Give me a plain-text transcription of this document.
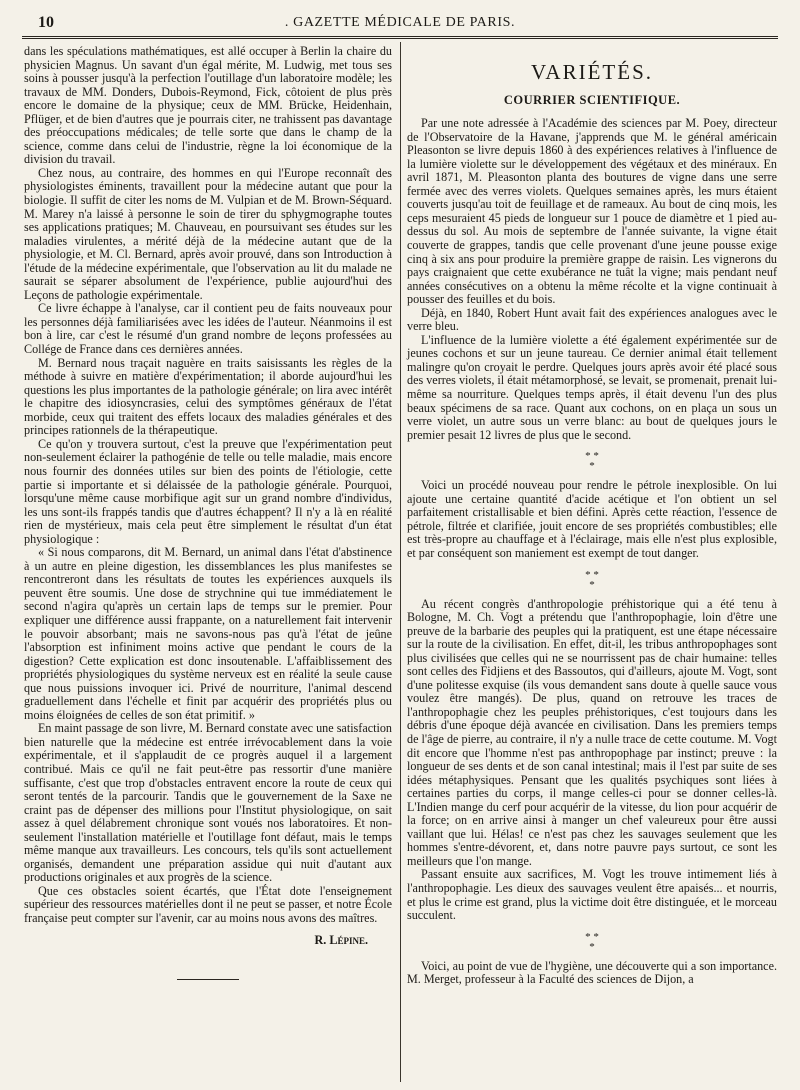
10	. GAZETTE MÉDICALE DE PARIS.

dans les spéculations mathématiques, est allé occuper à Berlin la chaire du physicien Magnus. Un savant d'un égal mérite, M. Ludwig, met tous ses soins à pousser jusqu'à la perfection l'outillage d'un laboratoire modèle; les travaux de MM. Donders, Dubois-Reymond, Fick, côtoient de plus près encore le domaine de la physique; ceux de MM. Brücke, Heidenhain, Pflüger, et de bien d'autres que je pourrais citer, ne trahissent pas davantage des préoccupations médicales; de telle sorte que dans le champ de la science, comme dans celui de l'industrie, règne la loi économique de la division du travail.

Chez nous, au contraire, des hommes en qui l'Europe reconnaît des physiologistes éminents, travaillent pour la médecine autant que pour la biologie. Il suffit de citer les noms de M. Vulpian et de M. Brown-Séquard. M. Marey n'a laissé à personne le soin de tirer du sphygmographe toutes ses applications pratiques; M. Chauveau, en poursuivant ses études sur les maladies virulentes, a mérité déjà de la médecine autant que de la physiologie, et M. Cl. Bernard, après avoir prouvé, dans son Introduction à l'étude de la médecine expérimentale, que l'observation au lit du malade ne saurait se séparer absolument de l'expérience, publie aujourd'hui des Leçons de pathologie expérimentale.

Ce livre échappe à l'analyse, car il contient peu de faits nouveaux pour les personnes déjà familiarisées avec les idées de l'auteur. Néanmoins il est bon à lire, car c'est le résumé d'un grand nombre de leçons professées au Collége de France dans ces dernières années.

M. Bernard nous traçait naguère en traits saisissants les règles de la méthode à suivre en matière d'expérimentation; il aborde aujourd'hui les questions les plus importantes de la pathologie générale; on lira avec intérêt le chapitre des idiosyncrasies, celui des symptômes généraux de l'état morbide, ceux qui traitent des effets locaux des maladies générales et des principes rationnels de la thérapeutique.

Ce qu'on y trouvera surtout, c'est la preuve que l'expérimentation peut non-seulement éclairer la pathogénie de telle ou telle maladie, mais encore nous fournir des données utiles sur bien des points de l'étiologie, cette partie si importante et si délaissée de la pathologie générale. Pourquoi, lorsqu'une même cause morbifique agit sur un grand nombre d'individus, les uns sont-ils frappés tandis que d'autres échappent? Il n'y a là en réalité rien de mystérieux, mais cela peut être simplement le résultat d'un état physiologique :

« Si nous comparons, dit M. Bernard, un animal dans l'état d'abstinence à un autre en pleine digestion, les dissemblances les plus manifestes se rencontreront dans les résultats de toutes les expériences auxquels ils peuvent être soumis. Une dose de strychnine qui tue immédiatement le second n'agira qu'après un certain laps de temps sur le premier. Pour expliquer une différence aussi frappante, on a naturellement fait intervenir le pouvoir absorbant; mais ne savons-nous pas qu'à l'état de jeûne l'absorption est infiniment moins active que pendant le cours de la digestion? Cette explication est donc insoutenable. L'affaiblissement des propriétés physiologiques du système nerveux est en réalité la seule cause que nous puissions invoquer ici. Privé de nourriture, l'animal descend graduellement dans l'échelle et finit par acquérir des propriétés plus ou moins éloignées de celles de son état primitif. »

En maint passage de son livre, M. Bernard constate avec une satisfaction bien naturelle que la médecine est entrée irrévocablement dans la voie expérimentale, et il s'applaudit de ce progrès auquel il a largement contribué. Mais ce qu'il ne fait peut-être pas ressortir d'une manière suffisante, c'est que trop d'obstacles entravent encore la route de ceux qui seront tentés de la parcourir. Tandis que le gouvernement de la Saxe ne craint pas de dépenser des millions pour l'Institut physiologique, on sait assez à quel délabrement chronique sont voués nos laboratoires. Et non-seulement l'installation matérielle et l'outillage font défaut, mais le temps même manque aux travailleurs. Les concours, tels qu'ils sont actuellement organisés, demandent une préparation assidue qui nuit d'autant aux productions originales et aux progrès de la science.

Que ces obstacles soient écartés, que l'État dote l'enseignement supérieur des ressources matérielles dont il ne peut se passer, et notre École française peut compter sur l'avenir, car au moins nous avons des maîtres.

R. Lépine.
VARIÉTÉS.
COURRIER SCIENTIFIQUE.

Par une note adressée à l'Académie des sciences par M. Poey, directeur de l'Observatoire de la Havane, j'apprends que M. le général américain Pleasonton se livre depuis 1860 à des expériences relatives à l'influence de la lumière violette sur le développement des végétaux et des minéraux. En avril 1871, M. Pleasonton planta des boutures de vigne dans une serre fermée avec des verres violets. Quelques semaines après, les murs étaient couverts jusqu'au toit de feuillage et de rameaux. Au bout de cinq mois, les ceps mesuraient 45 pieds de longueur sur 1 pouce de diamètre et 1 pied au-dessus du sol. Au mois de septembre de l'année suivante, la vigne était couverte de grappes, tandis que celle provenant d'une jeune pousse exige cinq à six ans pour produire la première grappe de raisin. Les vignerons du pays craignaient que cette exubérance ne tuât la vigne; mais pendant neuf années consécutives on a obtenu la même récolte et la vigne continuait à pousser des feuilles et du bois.

Déjà, en 1840, Robert Hunt avait fait des expériences analogues avec le verre bleu.

L'influence de la lumière violette a été également expérimentée sur de jeunes cochons et sur un jeune taureau. Ce dernier animal était tellement malingre qu'on croyait le perdre. Quelques jours après avoir été placé sous des verres violets, il était métamorphosé, se levait, se promenait, prenait lui-même sa nourriture. Quelques temps après, il était devenu l'un des plus beaux spécimens de sa race. Quant aux cochons, on en plaça un sous un verre violet, un autre sous un verre blanc: au bout de quelques jours le premier pesait 12 livres de plus que le second.

* *
*

Voici un procédé nouveau pour rendre le pétrole inexplosible. On lui ajoute une certaine quantité d'acide acétique et l'on obtient un sel parfaitement cristallisable et bien défini. Après cette réaction, l'essence de pétrole, filtrée et clarifiée, jouit encore de ses propriétés combustibles; elle est très-propre au chauffage et à l'éclairage, mais elle n'est plus explosible, et par conséquent son maniement est exempt de tout danger.

* *
*

Au récent congrès d'anthropologie préhistorique qui a été tenu à Bologne, M. Ch. Vogt a prétendu que l'anthropophagie, loin d'être une preuve de la barbarie des peuples qui la pratiquent, est une étape nécessaire sur la route de la civilisation. En effet, dit-il, les tribus anthropophages sont plus civilisées que celles qui ne se nourrissent pas de chair humaine: telles sont celles des Fidjiens et des Bassoutos, qui d'ailleurs, ajoute M. Vogt, sont d'une politesse exquise (ils vous demandent sans doute à quelle sauce vous voulez être mangés). De plus, quand on retrouve les traces de l'anthropophagie chez les peuples préhistoriques, c'est toujours dans les débris d'une époque déjà avancée en civilisation. Dans les premiers temps de l'âge de pierre, au contraire, il n'y a nulle trace de cette coutume. M. Vogt dit encore que l'homme n'est pas anthropophage par instinct; preuve : la longueur de ses dents et de son canal intestinal; mais il l'est par suite de ses idées métaphysiques. Pensant que les qualités psychiques sont liées à certaines parties du corps, il mange celles-ci pour se donner celles-là. L'Indien mange du cerf pour acquérir de la vitesse, du lion pour acquérir de la force; on en arrive ainsi à manger un chef valeureux pour être aussi vaillant que lui. Hélas! ce n'est pas chez les sauvages seulement que les hommes s'entre-dévorent, et, dans notre pauvre pays surtout, ce sont les meilleurs que l'on mange.

Passant ensuite aux sacrifices, M. Vogt les trouve intimement liés à l'anthropophagie. Les dieux des sauvages veulent être apaisés... et nourris, et plus le crime est grand, plus la victime doit être distinguée, et le morceau succulent.

* *
*

Voici, au point de vue de l'hygiène, une découverte qui a son importance. M. Merget, professeur à la Faculté des sciences de Dijon, a
